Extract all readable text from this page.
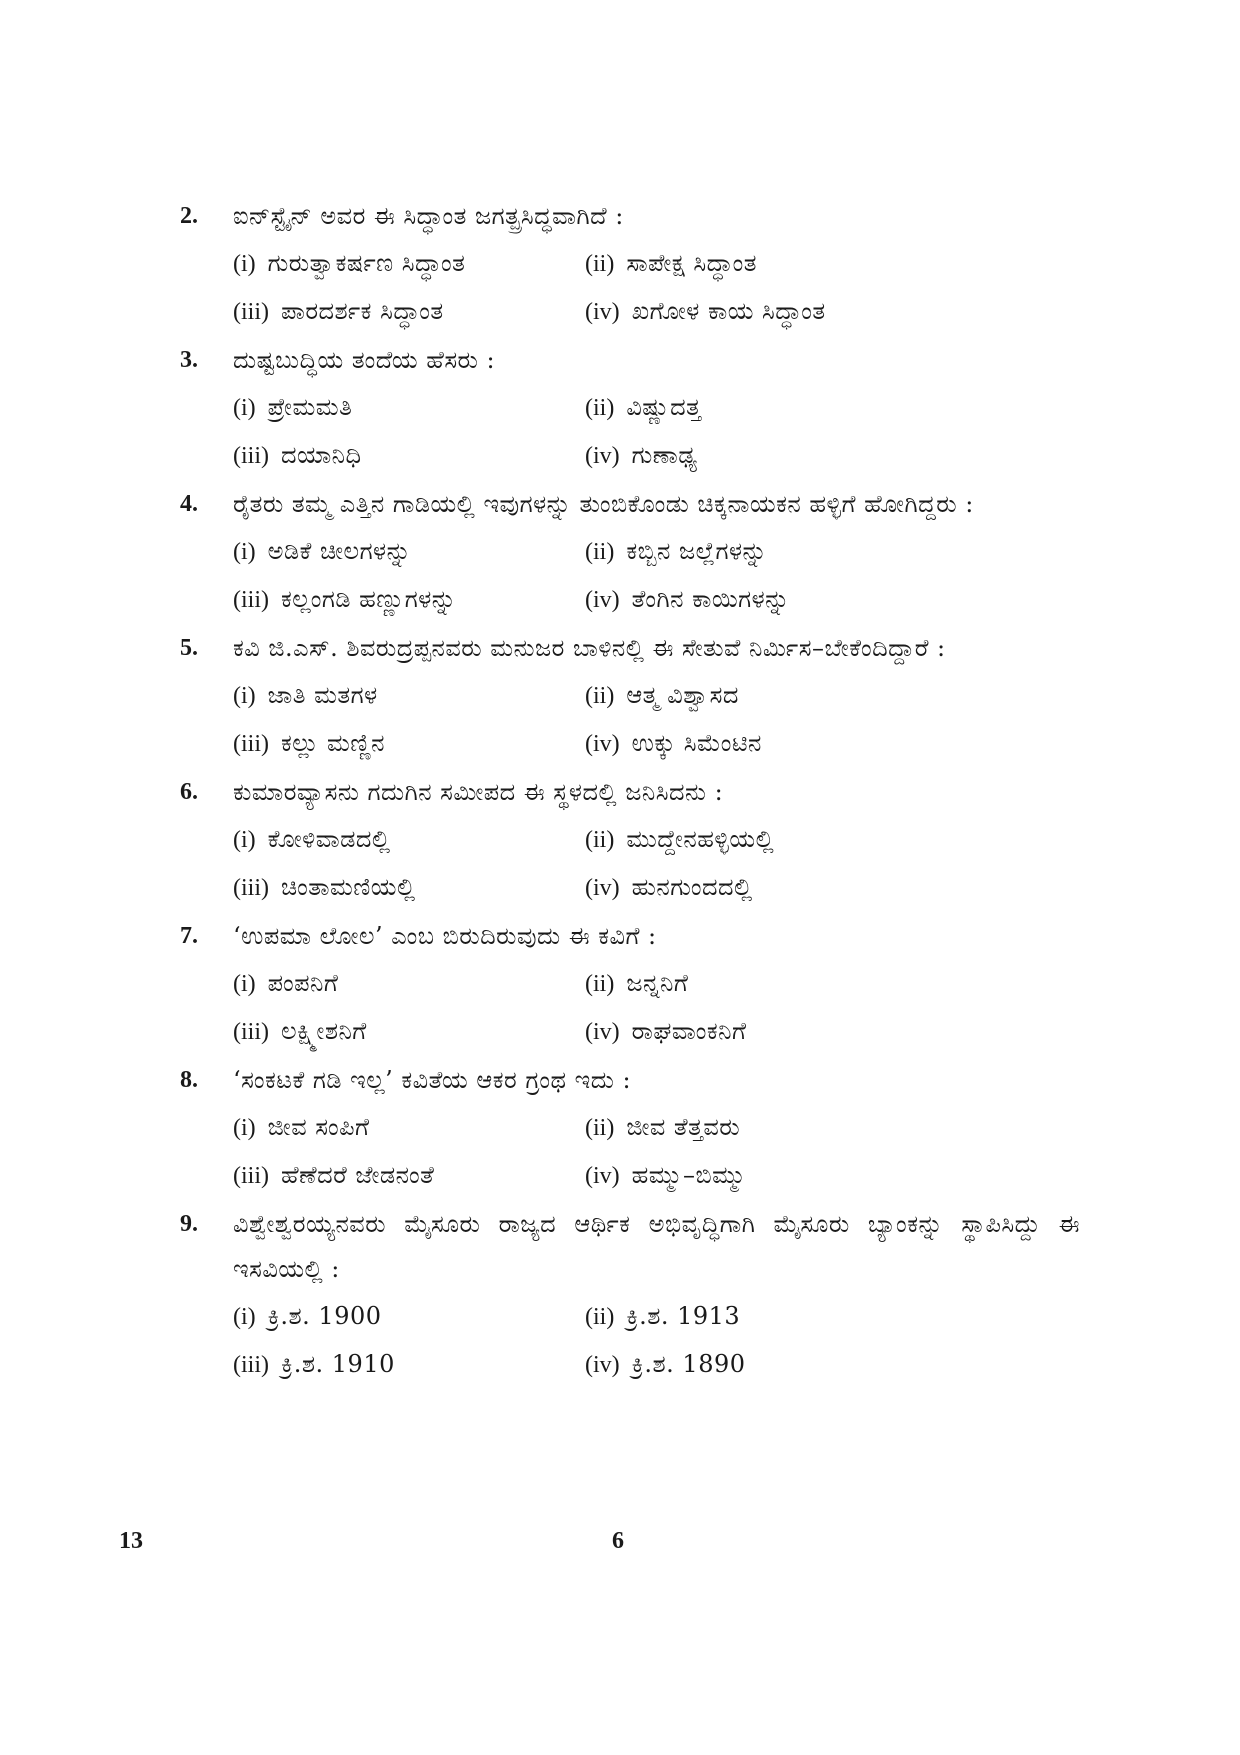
2.	ಐನ್‌ಸ್ಟೈನ್ ಅವರ ಈ ಸಿದ್ಧಾಂತ ಜಗತ್ಪ್ರಸಿದ್ಧವಾಗಿದೆ :
(i) ಗುರುತ್ವಾಕರ್ಷಣ ಸಿದ್ಧಾಂತ	(ii) ಸಾಪೇಕ್ಷ ಸಿದ್ಧಾಂತ
(iii) ಪಾರದರ್ಶಕ ಸಿದ್ಧಾಂತ	(iv) ಖಗೋಳ ಕಾಯ ಸಿದ್ಧಾಂತ
3.	ದುಷ್ಟಬುದ್ಧಿಯ ತಂದೆಯ ಹೆಸರು :
(i) ಪ್ರೇಮಮತಿ	(ii) ವಿಷ್ಣುದತ್ತ
(iii) ದಯಾನಿಧಿ	(iv) ಗುಣಾಢ್ಯ
4.	ರೈತರು ತಮ್ಮ ಎತ್ತಿನ ಗಾಡಿಯಲ್ಲಿ ಇವುಗಳನ್ನು ತುಂಬಿಕೊಂಡು ಚಿಕ್ಕನಾಯಕನ ಹಳ್ಳಿಗೆ ಹೋಗಿದ್ದರು :
(i) ಅಡಿಕೆ ಚೀಲಗಳನ್ನು	(ii) ಕಬ್ಬಿನ ಜಲ್ಲೆಗಳನ್ನು
(iii) ಕಲ್ಲಂಗಡಿ ಹಣ್ಣುಗಳನ್ನು	(iv) ತೆಂಗಿನ ಕಾಯಿಗಳನ್ನು
5.	ಕವಿ ಜಿ.ಎಸ್. ಶಿವರುದ್ರಪ್ಪನವರು ಮನುಜರ ಬಾಳಿನಲ್ಲಿ ಈ ಸೇತುವೆ ನಿರ್ಮಿಸ–ಬೇಕೆಂದಿದ್ದಾರೆ :
(i) ಜಾತಿ ಮತಗಳ	(ii) ಆತ್ಮ ವಿಶ್ವಾಸದ
(iii) ಕಲ್ಲು ಮಣ್ಣಿನ	(iv) ಉಕ್ಕು ಸಿಮೆಂಟಿನ
6.	ಕುಮಾರವ್ಯಾಸನು ಗದುಗಿನ ಸಮೀಪದ ಈ ಸ್ಥಳದಲ್ಲಿ ಜನಿಸಿದನು :
(i) ಕೋಳಿವಾಡದಲ್ಲಿ	(ii) ಮುದ್ದೇನಹಳ್ಳಿಯಲ್ಲಿ
(iii) ಚಿಂತಾಮಣಿಯಲ್ಲಿ	(iv) ಹುನಗುಂದದಲ್ಲಿ
7.	‘ಉಪಮಾ ಲೋಲ’ ಎಂಬ ಬಿರುದಿರುವುದು ಈ ಕವಿಗೆ :
(i) ಪಂಪನಿಗೆ	(ii) ಜನ್ನನಿಗೆ
(iii) ಲಕ್ಷ್ಮೀಶನಿಗೆ	(iv) ರಾಘವಾಂಕನಿಗೆ
8.	‘ಸಂಕಟಕೆ ಗಡಿ ಇಲ್ಲ’ ಕವಿತೆಯ ಆಕರ ಗ್ರಂಥ ಇದು :
(i) ಜೀವ ಸಂಪಿಗೆ	(ii) ಜೀವ ತೆತ್ತವರು
(iii) ಹೆಣೆದರೆ ಜೇಡನಂತೆ	(iv) ಹಮ್ಮು–ಬಿಮ್ಮು
9.	ವಿಶ್ವೇಶ್ವರಯ್ಯನವರು ಮೈಸೂರು ರಾಜ್ಯದ ಆರ್ಥಿಕ ಅಭಿವೃದ್ಧಿಗಾಗಿ ಮೈಸೂರು ಬ್ಯಾಂಕನ್ನು ಸ್ಥಾಪಿಸಿದ್ದು ಈ ಇಸವಿಯಲ್ಲಿ :
(i) ಕ್ರಿ.ಶ. 1900	(ii) ಕ್ರಿ.ಶ. 1913
(iii) ಕ್ರಿ.ಶ. 1910	(iv) ಕ್ರಿ.ಶ. 1890
13	6
